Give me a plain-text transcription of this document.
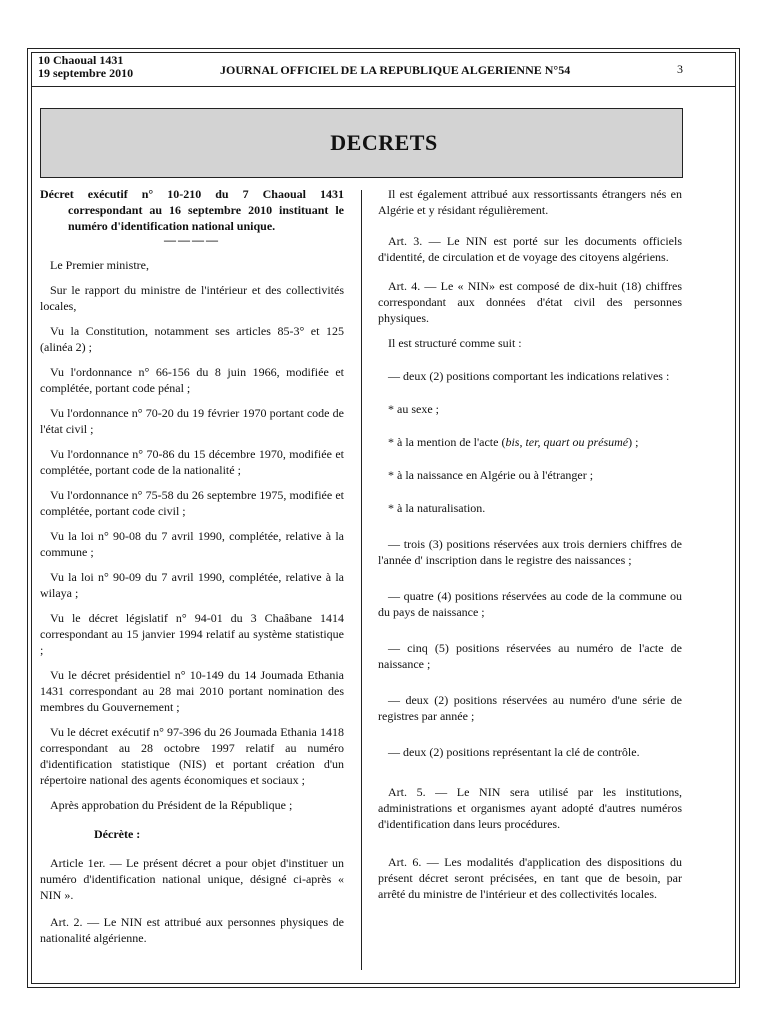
10 Chaoual 1431
19 septembre 2010	JOURNAL OFFICIEL DE LA REPUBLIQUE ALGERIENNE N°54	3
DECRETS

Décret exécutif n° 10-210 du 7 Chaoual 1431 correspondant au 16 septembre 2010 instituant le numéro d'identification national unique.

————

Le Premier ministre,

Sur le rapport du ministre de l'intérieur et des collectivités locales,

Vu la Constitution, notamment ses articles 85-3° et 125 (alinéa 2) ;

Vu l'ordonnance n° 66-156 du 8 juin 1966, modifiée et complétée, portant code pénal ;

Vu l'ordonnance n° 70-20 du 19 février 1970 portant code de l'état civil ;

Vu l'ordonnance n° 70-86 du 15 décembre 1970, modifiée et complétée, portant code de la nationalité ;

Vu l'ordonnance n° 75-58 du 26 septembre 1975, modifiée et complétée, portant code civil ;

Vu la loi n° 90-08 du 7 avril 1990, complétée, relative à la commune ;

Vu la loi n° 90-09 du 7 avril 1990, complétée, relative à la wilaya ;

Vu le décret législatif n° 94-01 du 3 Chaâbane 1414 correspondant au 15 janvier 1994 relatif au système statistique ;

Vu le décret présidentiel n° 10-149 du 14 Joumada Ethania 1431 correspondant au 28 mai 2010 portant nomination des membres du Gouvernement ;

Vu le décret exécutif n° 97-396 du 26 Joumada Ethania 1418 correspondant au 28 octobre 1997 relatif au numéro d'identification statistique (NIS) et portant création d'un répertoire national des agents économiques et sociaux ;

Après approbation du Président de la République ;

Décrète :

Article 1er. — Le présent décret a pour objet d'instituer un numéro d'identification national unique, désigné ci-après « NIN ».

Art. 2. — Le NIN est attribué aux personnes physiques de nationalité algérienne.

Il est également attribué aux ressortissants étrangers nés en Algérie et y résidant régulièrement.

Art. 3. — Le NIN est porté sur les documents officiels d'identité, de circulation et de voyage des citoyens algériens.

Art. 4. — Le « NIN» est composé de dix-huit (18) chiffres correspondant aux données d'état civil des personnes physiques.

Il est structuré comme suit :

— deux (2) positions comportant les indications relatives :

* au sexe ;

* à la mention de l'acte (bis, ter, quart ou présumé) ;

* à la naissance en Algérie ou à l'étranger ;

* à la naturalisation.

— trois (3) positions réservées aux trois derniers chiffres de l'année d' inscription dans le registre des naissances ;

— quatre (4) positions réservées au code de la commune ou du pays de naissance ;

— cinq (5) positions réservées au numéro de l'acte de naissance ;

— deux (2) positions réservées au numéro d'une série de registres par année ;

— deux (2) positions représentant la clé de contrôle.

Art. 5. — Le NIN sera utilisé par les institutions, administrations et organismes ayant adopté d'autres numéros d'identification dans leurs procédures.

Art. 6. — Les modalités d'application des dispositions du présent décret seront précisées, en tant que de besoin, par arrêté du ministre de l'intérieur et des collectivités locales.
